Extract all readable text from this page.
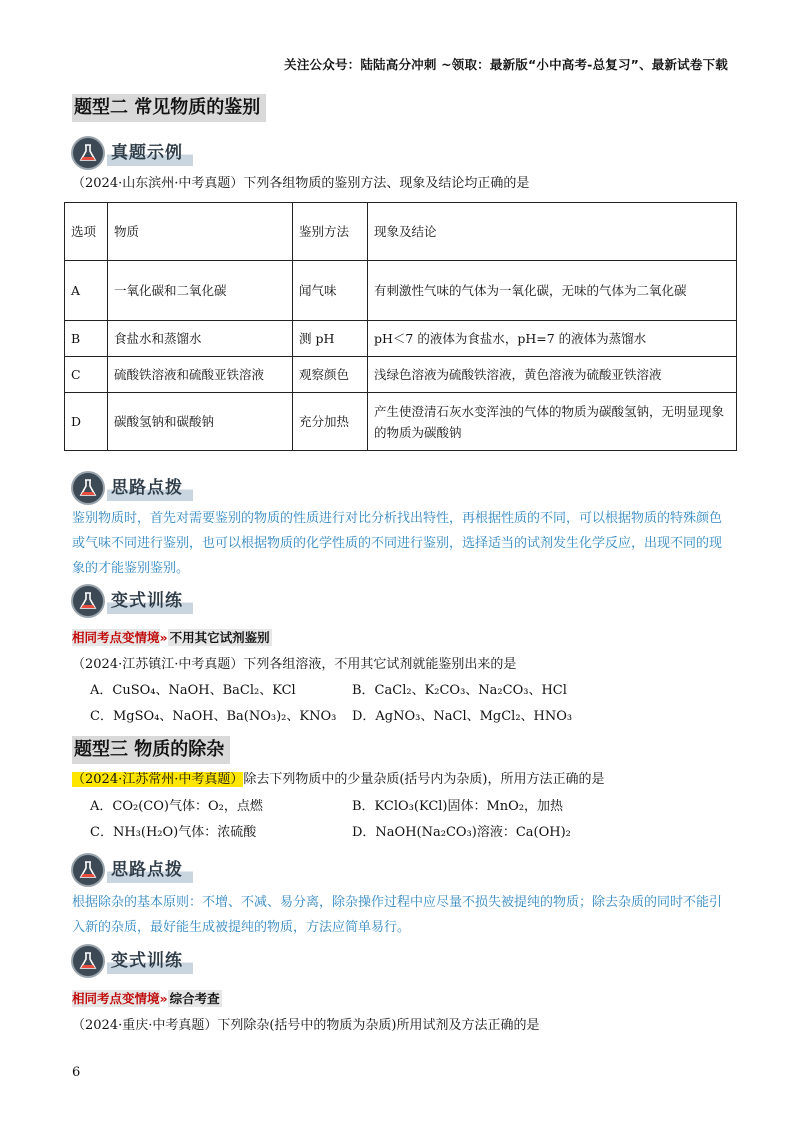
关注公众号：陆陆高分冲刺 ~领取：最新版“小中高考-总复习”、最新试卷下载
题型二 常见物质的鉴别
真题示例
（2024·山东滨州·中考真题）下列各组物质的鉴别方法、现象及结论均正确的是
选项	物质	鉴别方法	现象及结论
A	一氧化碳和二氧化碳	闻气味	有刺激性气味的气体为一氧化碳，无味的气体为二氧化碳
B	食盐水和蒸馏水	测 pH	pH＜7 的液体为食盐水，pH=7 的液体为蒸馏水
C	硫酸铁溶液和硫酸亚铁溶液	观察颜色	浅绿色溶液为硫酸铁溶液，黄色溶液为硫酸亚铁溶液
D	碳酸氢钠和碳酸钠	充分加热	产生使澄清石灰水变浑浊的气体的物质为碳酸氢钠，无明显现象的物质为碳酸钠
思路点拨
鉴别物质时，首先对需要鉴别的物质的性质进行对比分析找出特性，再根据性质的不同，可以根据物质的特殊颜色或气味不同进行鉴别，也可以根据物质的化学性质的不同进行鉴别，选择适当的试剂发生化学反应，出现不同的现象的才能鉴别鉴别。
变式训练
相同考点变情境» 不用其它试剂鉴别
（2024·江苏镇江·中考真题）下列各组溶液，不用其它试剂就能鉴别出来的是
A．CuSO₄、NaOH、BaCl₂、KCl	B．CaCl₂、K₂CO₃、Na₂CO₃、HCl
C．MgSO₄、NaOH、Ba(NO₃)₂、KNO₃ D．AgNO₃、NaCl、MgCl₂、HNO₃
题型三 物质的除杂
（2024·江苏常州·中考真题）除去下列物质中的少量杂质(括号内为杂质)，所用方法正确的是
A．CO₂(CO)气体：O₂，点燃	B．KClO₃(KCl)固体：MnO₂，加热
C．NH₃(H₂O)气体：浓硫酸	D．NaOH(Na₂CO₃)溶液：Ca(OH)₂
思路点拨
根据除杂的基本原则：不增、不减、易分离，除杂操作过程中应尽量不损失被提纯的物质；除去杂质的同时不能引入新的杂质，最好能生成被提纯的物质，方法应简单易行。
变式训练
相同考点变情境» 综合考查
（2024·重庆·中考真题）下列除杂(括号中的物质为杂质)所用试剂及方法正确的是
6
